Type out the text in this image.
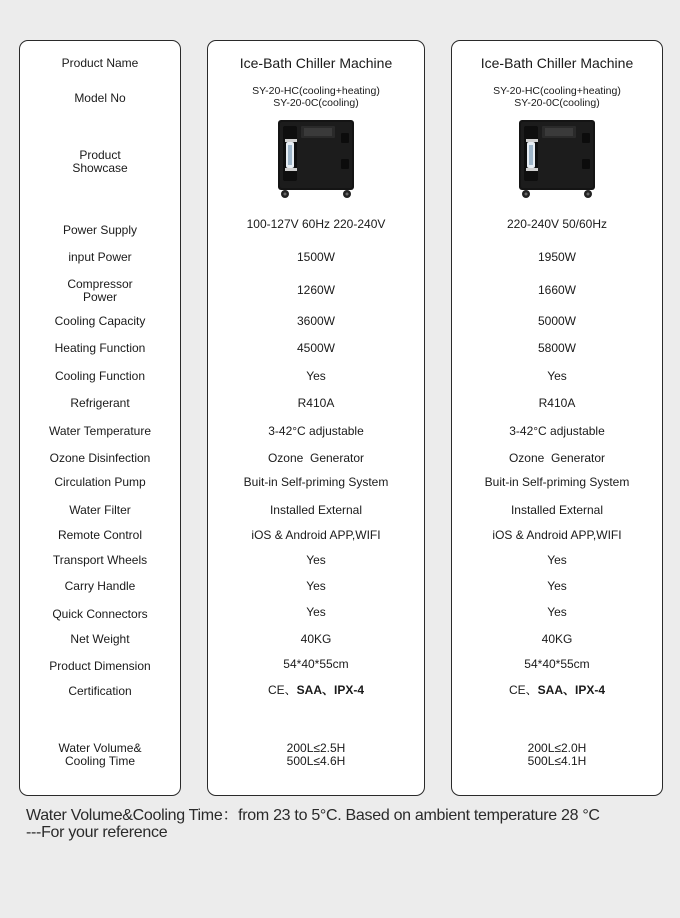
Product Name
Model No
Product
Showcase
Power Supply
input Power
Compressor
Power
Cooling Capacity
Heating Function
Cooling Function
Refrigerant
Water Temperature
Ozone Disinfection
Circulation Pump
Water Filter
Remote Control
Transport Wheels
Carry Handle
Quick Connectors
Net Weight
Product Dimension
Certification
Water Volume&
Cooling Time
Ice-Bath Chiller Machine
SY-20-HC(cooling+heating)
SY-20-0C(cooling)
100-127V 60Hz 220-240V
1500W
1260W
3600W
4500W
Yes
R410A
3-42°C adjustable
Ozone  Generator
Buit-in Self-priming System
Installed External
iOS & Android APP,WIFI
Yes
Yes
Yes
40KG
54*40*55cm
CE、 SAA、IPX-4
200L≤2.5H
500L≤4.6H
Ice-Bath Chiller Machine
SY-20-HC(cooling+heating)
SY-20-0C(cooling)
220-240V 50/60Hz
1950W
1660W
5000W
5800W
Yes
R410A
3-42°C adjustable
Ozone  Generator
Buit-in Self-priming System
Installed External
iOS & Android APP,WIFI
Yes
Yes
Yes
40KG
54*40*55cm
CE、 SAA、IPX-4
200L≤2.0H
500L≤4.1H
Water Volume&Cooling Time：from 23 to 5°C. Based on ambient temperature 28 °C
---For your reference
